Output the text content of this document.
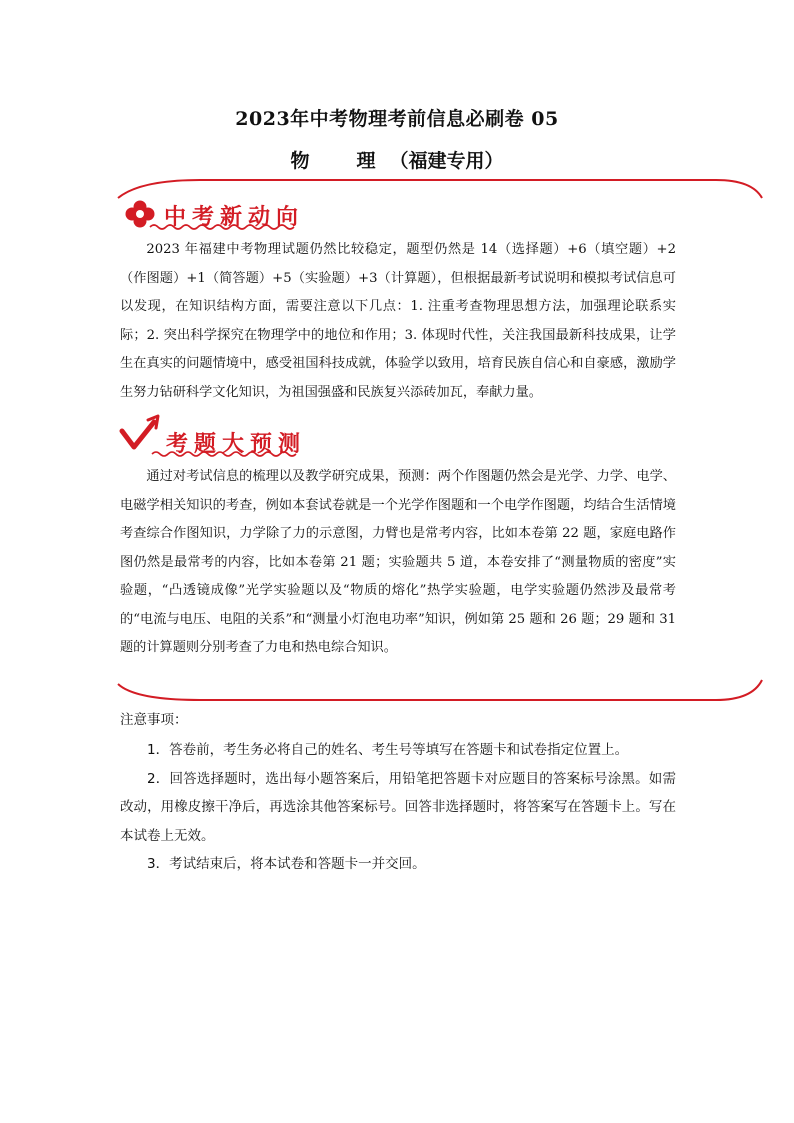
2023年中考物理考前信息必刷卷 05
物　理（福建专用）
中考新动向

2023 年福建中考物理试题仍然比较稳定，题型仍然是 14（选择题）+6（填空题）+2（作图题）+1（简答题）+5（实验题）+3（计算题），但根据最新考试说明和模拟考试信息可以发现，在知识结构方面，需要注意以下几点：1. 注重考查物理思想方法，加强理论联系实际；2. 突出科学探究在物理学中的地位和作用；3. 体现时代性，关注我国最新科技成果，让学生在真实的问题情境中，感受祖国科技成就，体验学以致用，培育民族自信心和自豪感，激励学生努力钻研科学文化知识，为祖国强盛和民族复兴添砖加瓦，奉献力量。

考题大预测

通过对考试信息的梳理以及教学研究成果，预测：两个作图题仍然会是光学、力学、电学、电磁学相关知识的考查，例如本套试卷就是一个光学作图题和一个电学作图题，均结合生活情境考查综合作图知识，力学除了力的示意图，力臂也是常考内容，比如本卷第 22 题，家庭电路作图仍然是最常考的内容，比如本卷第 21 题；实验题共 5 道，本卷安排了“测量物质的密度”实验题，“凸透镜成像”光学实验题以及“物质的熔化”热学实验题，电学实验题仍然涉及最常考的“电流与电压、电阻的关系”和“测量小灯泡电功率”知识，例如第 25 题和 26 题；29 题和 31 题的计算题则分别考查了力电和热电综合知识。

注意事项：
1．答卷前，考生务必将自己的姓名、考生号等填写在答题卡和试卷指定位置上。
2．回答选择题时，选出每小题答案后，用铅笔把答题卡对应题目的答案标号涂黑。如需改动，用橡皮擦干净后，再选涂其他答案标号。回答非选择题时，将答案写在答题卡上。写在本试卷上无效。
3．考试结束后，将本试卷和答题卡一并交回。
